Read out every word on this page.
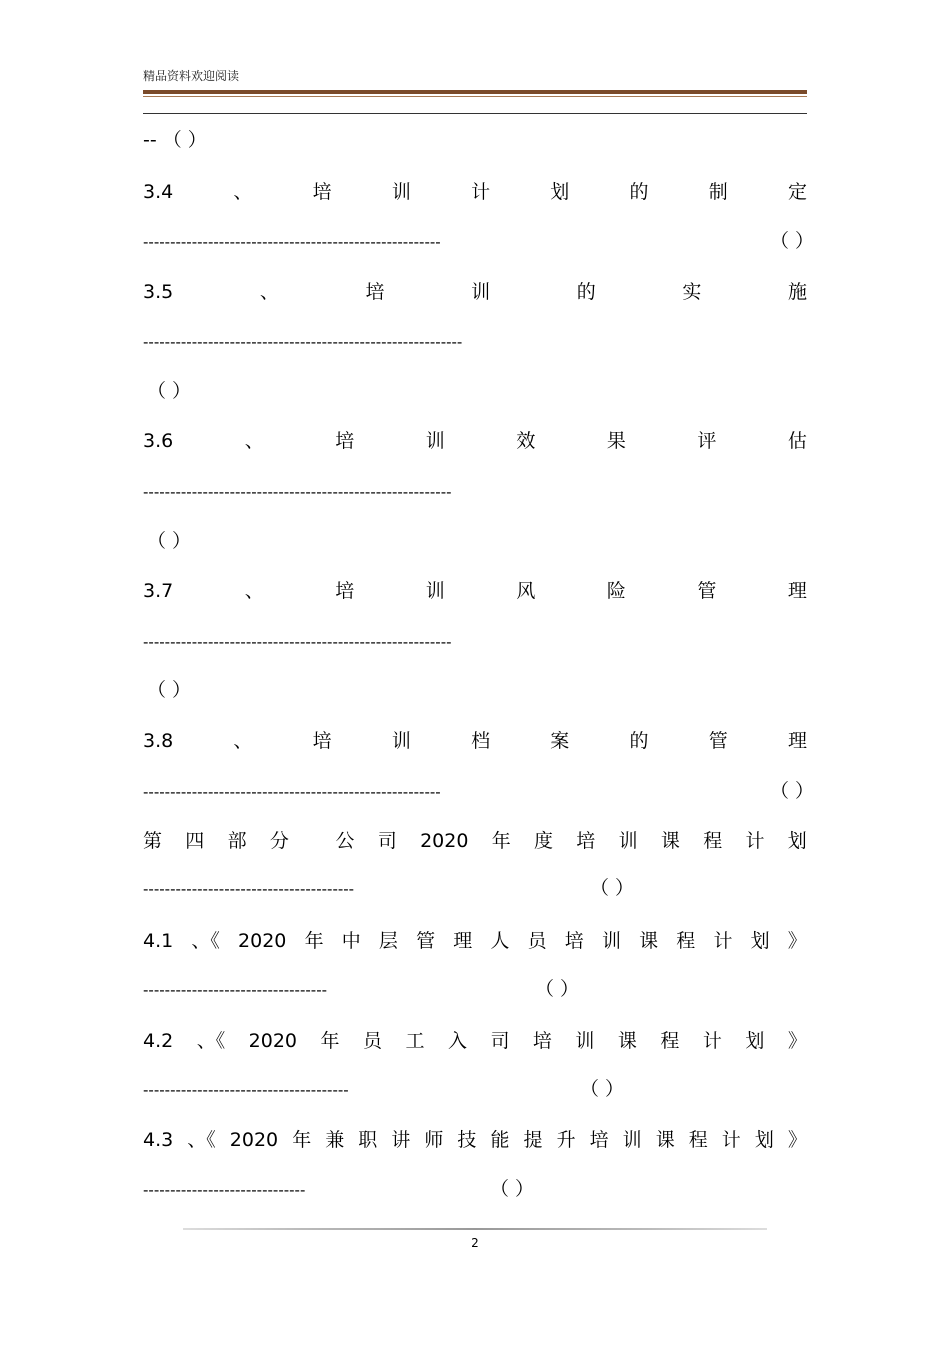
精品资料欢迎阅读
-- （ ）
3.4	、	培	训	计	划	的	制	定
-------------------------------------------------------	（ ）
3.5	、	培	训	的	实	施
-----------------------------------------------------------
（ ）
3.6	、	培	训	效	果	评	估
---------------------------------------------------------
（ ）
3.7	、	培	训	风	险	管	理
---------------------------------------------------------
（ ）
3.8	、	培	训	档	案	的	管	理
-------------------------------------------------------	（ ）
第 四 部 分 公 司 2020 年 度 培 训 课 程 计 划
---------------------------------------	（ ）
4.1 、《 2020 年 中 层 管 理 人 员 培 训 课 程 计 划 》
----------------------------------	（ ）
4.2 、《 2020 年 员 工 入 司 培 训 课 程 计 划 》
--------------------------------------	（ ）
4.3 、《 2020 年 兼 职 讲 师 技 能 提 升 培 训 课 程 计 划 》
------------------------------	（ ）
2
